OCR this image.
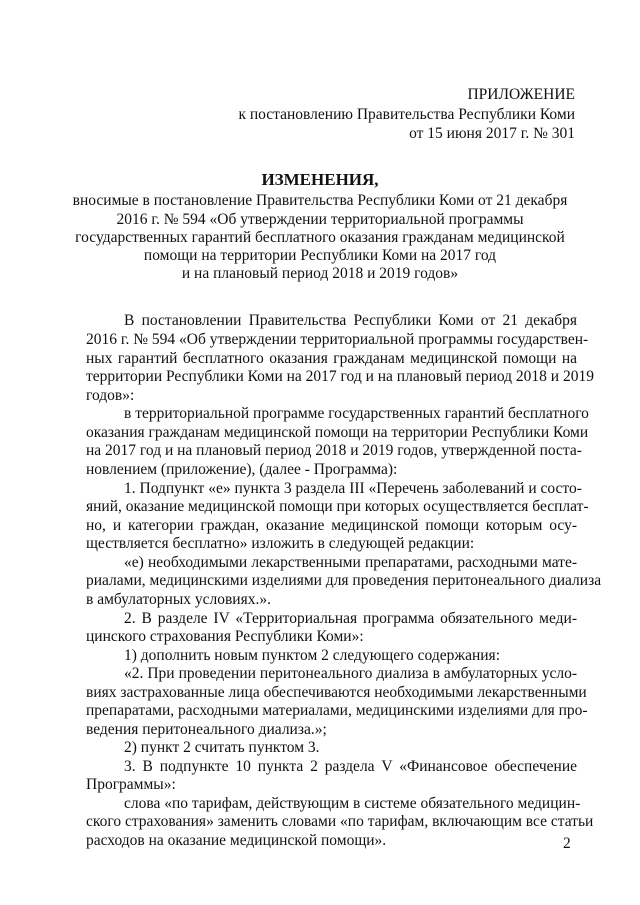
ПРИЛОЖЕНИЕ
к постановлению Правительства Республики Коми
от 15 июня 2017 г. № 301
ИЗМЕНЕНИЯ,
вносимые в постановление Правительства Республики Коми от 21 декабря
2016 г. № 594 «Об утверждении территориальной программы
государственных гарантий бесплатного оказания гражданам медицинской
помощи на территории Республики Коми на 2017 год
и на плановый период 2018 и 2019 годов»
В постановлении Правительства Республики Коми от 21 декабря
2016 г. № 594 «Об утверждении территориальной программы государствен-
ных гарантий бесплатного оказания гражданам медицинской помощи на
территории Республики Коми на 2017 год и на плановый период 2018 и 2019
годов»:
в территориальной программе государственных гарантий бесплатного
оказания гражданам медицинской помощи на территории Республики Коми
на 2017 год и на плановый период 2018 и 2019 годов, утвержденной поста-
новлением (приложение), (далее - Программа):
1. Подпункт «е» пункта 3 раздела III «Перечень заболеваний и состо-
яний, оказание медицинской помощи при которых осуществляется бесплат-
но, и категории граждан, оказание медицинской помощи которым осу-
ществляется бесплатно» изложить в следующей редакции:
«е) необходимыми лекарственными препаратами, расходными мате-
риалами, медицинскими изделиями для проведения перитонеального диализа
в амбулаторных условиях.».
2. В разделе IV «Территориальная программа обязательного меди-
цинского страхования Республики Коми»:
1) дополнить новым пунктом 2 следующего содержания:
«2. При проведении перитонеального диализа в амбулаторных усло-
виях застрахованные лица обеспечиваются необходимыми лекарственными
препаратами, расходными материалами, медицинскими изделиями для про-
ведения перитонеального диализа.»;
2) пункт 2 считать пунктом 3.
3. В подпункте 10 пункта 2 раздела V «Финансовое обеспечение
Программы»:
слова «по тарифам, действующим в системе обязательного медицин-
ского страхования» заменить словами «по тарифам, включающим все статьи
расходов на оказание медицинской помощи».	2
